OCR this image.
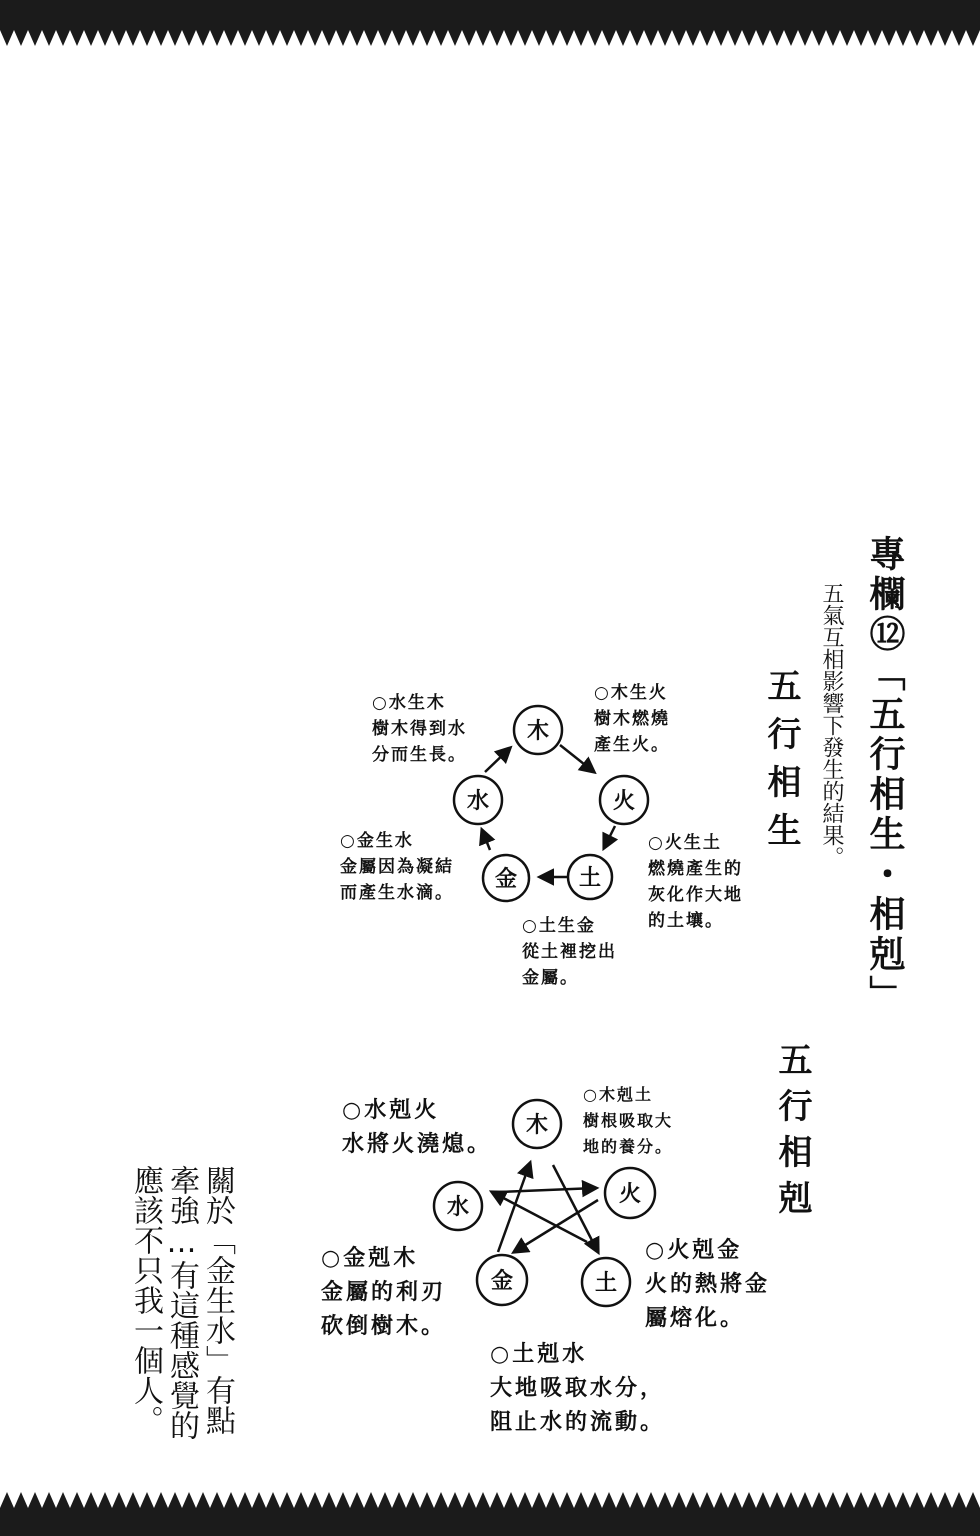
專欄⑫「五行相生・相剋」
五氣互相影響下發生的結果。
五行相生
五行相剋
木
火
土
金
水
木
火
土
金
水
○水生木
樹木得到水
分而生長。
○木生火
樹木燃燒
產生火。
○火生土
燃燒產生的
灰化作大地
的土壤。
○土生金
從土裡挖出
金屬。
○金生水
金屬因為凝結
而產生水滴。
○水剋火
水將火澆熄。
○木剋土
樹根吸取大
地的養分。
○火剋金
火的熱將金
屬熔化。
○金剋木
金屬的利刃
砍倒樹木。
○土剋水
大地吸取水分，
阻止水的流動。
關於「金生水」有點
牽強…有這種感覺的
應該不只我一個人。
